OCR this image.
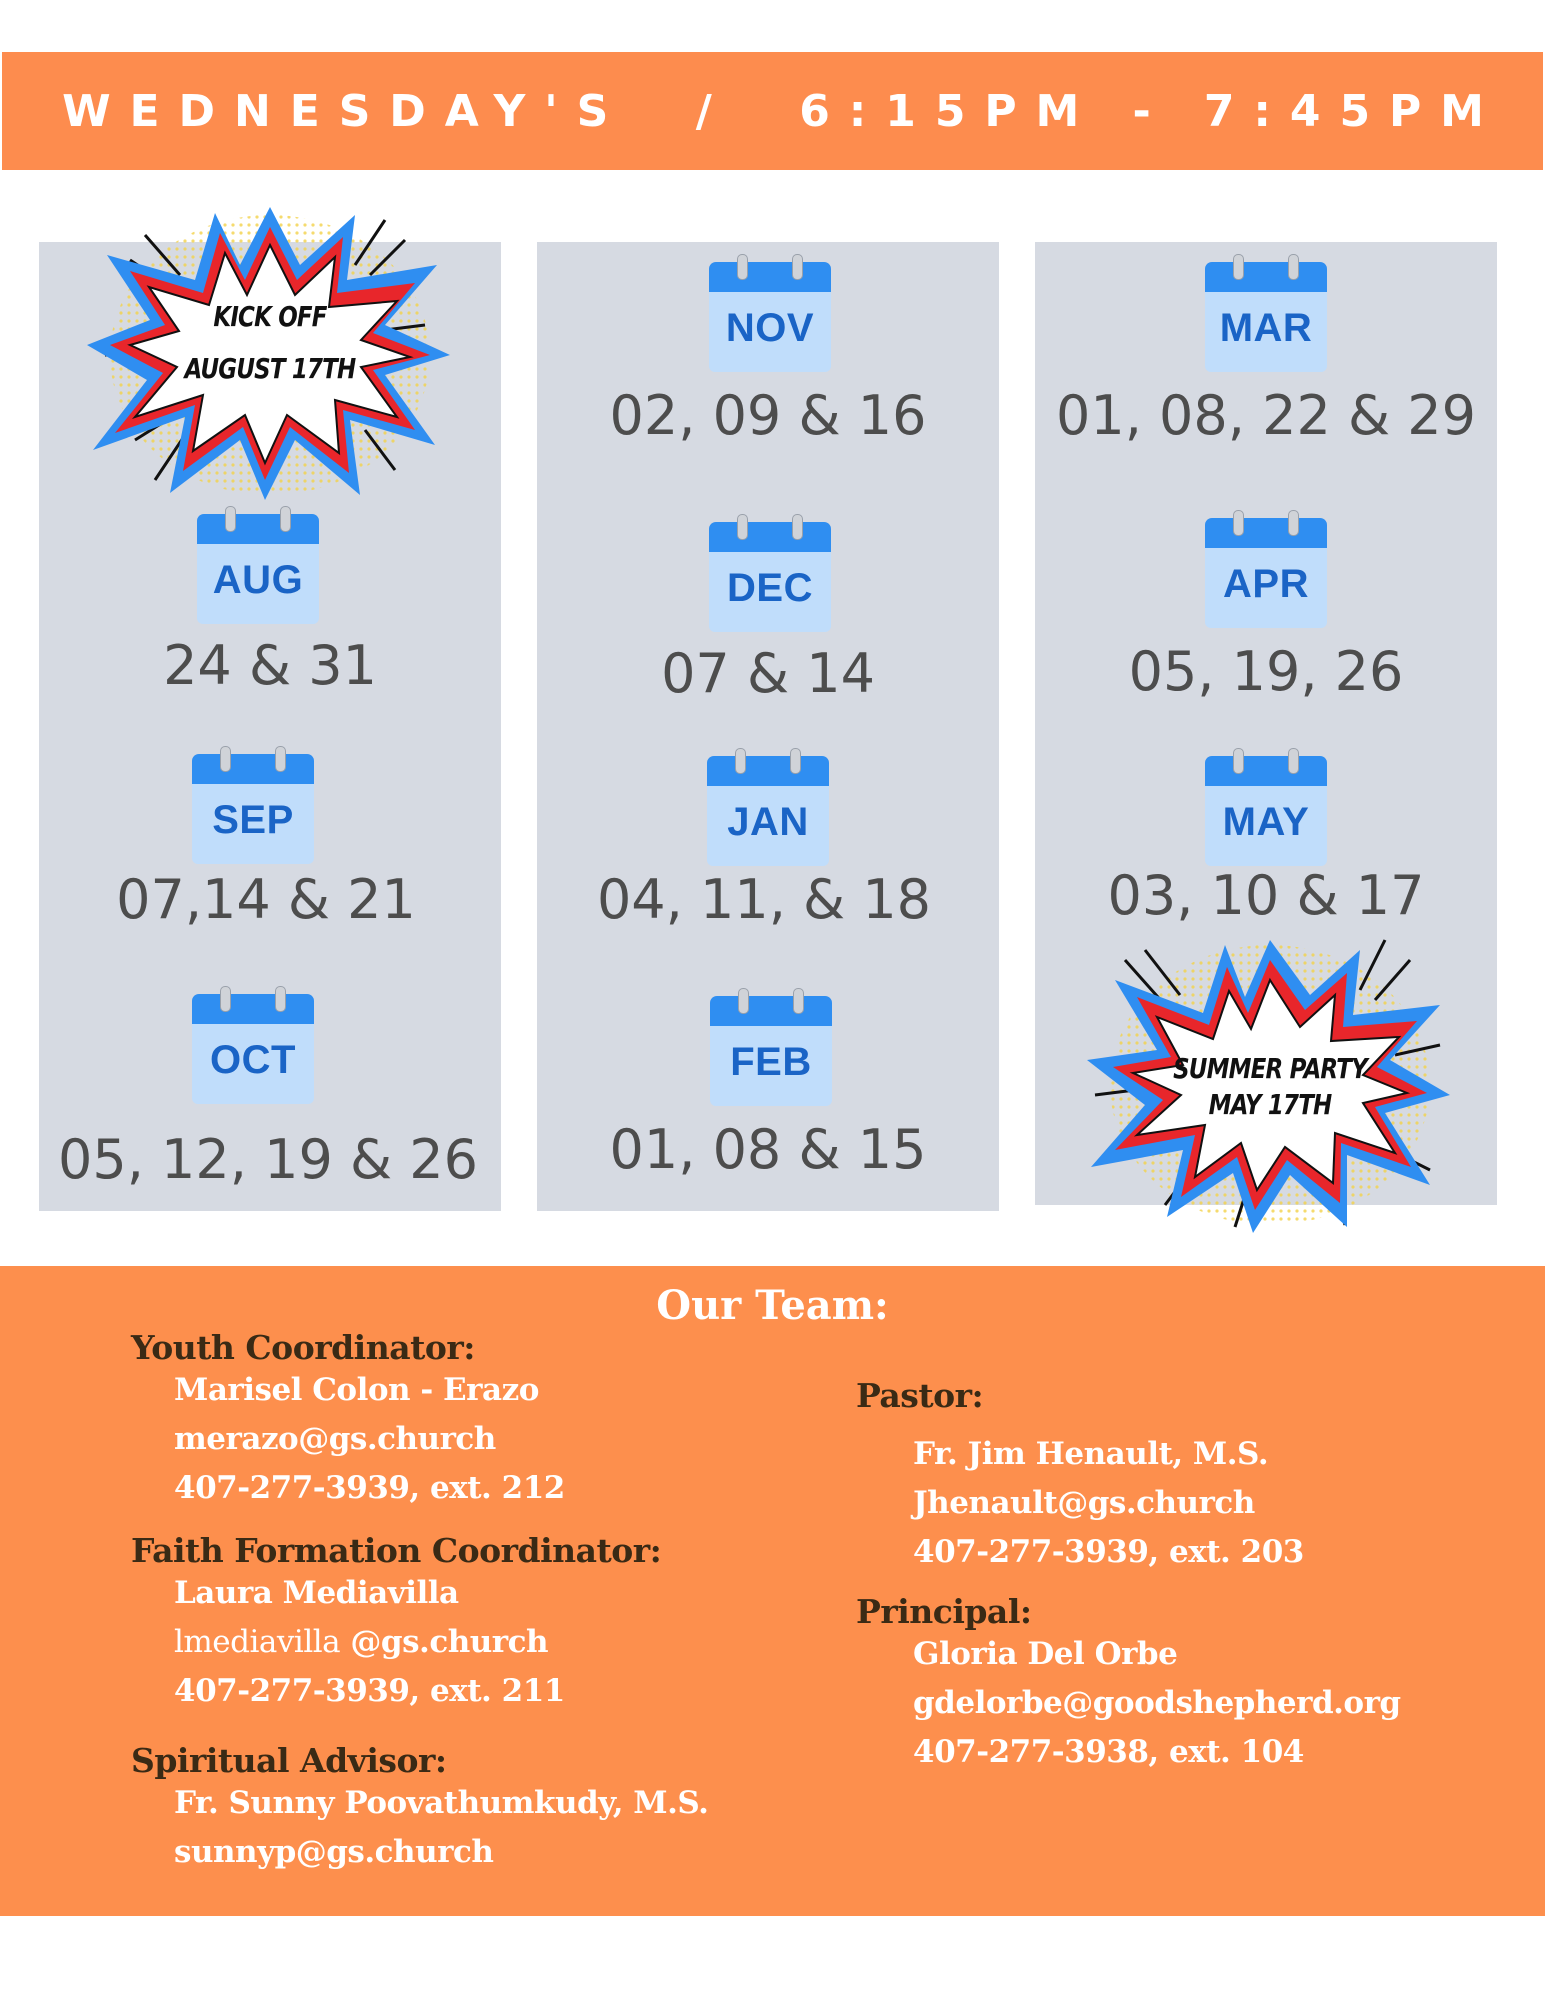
WEDNESDAY'S  /  6:15PM - 7:45PM
AUG
24 & 31
SEP
07,14 & 21
OCT
05, 12, 19 & 26
NOV
02, 09 & 16
DEC
07 & 14
JAN
04, 11, & 18
FEB
01, 08 & 15
MAR
01, 08, 22 & 29
APR
05, 19, 26
MAY
03, 10 & 17
KICK OFF
AUGUST 17TH
SUMMER PARTY
MAY 17TH
Our Team:
Youth Coordinator:
Marisel Colon - Erazo
merazo@gs.church
407-277-3939, ext. 212
Faith Formation Coordinator:
Laura Mediavilla
lmediavilla @gs.church
407-277-3939, ext. 211
Spiritual Advisor:
Fr. Sunny Poovathumkudy, M.S.
sunnyp@gs.church
Pastor:
Fr. Jim Henault, M.S.
Jhenault@gs.church
407-277-3939, ext. 203
Principal:
Gloria Del Orbe
gdelorbe@goodshepherd.org
407-277-3938, ext. 104
